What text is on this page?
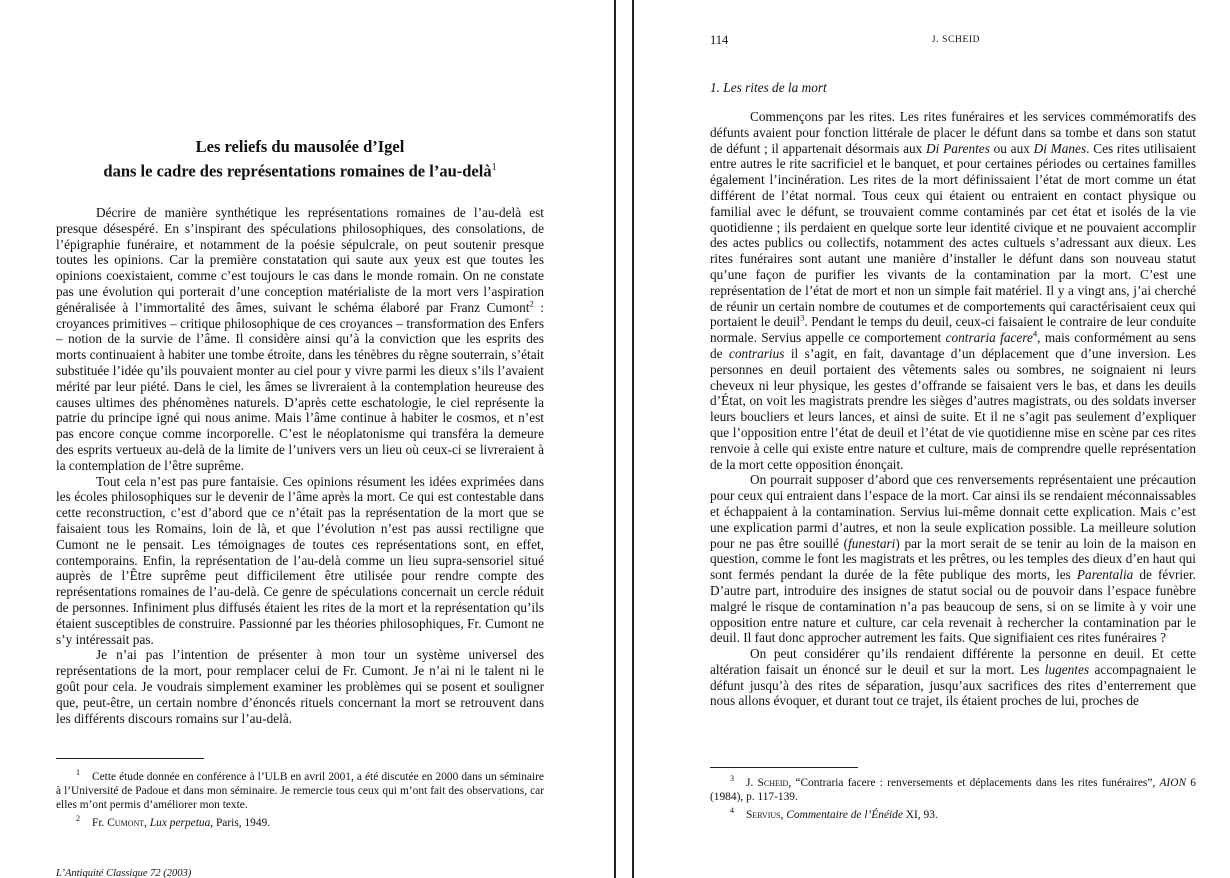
Les reliefs du mausolée d’Igel
dans le cadre des représentations romaines de l’au-delà$^1$

Décrire de manière synthétique les représentations romaines de l’au-delà est presque désespéré. En s’inspirant des spéculations philosophiques, des consolations, de l’épigraphie funéraire, et notamment de la poésie sépulcrale, on peut soutenir presque toutes les opinions. Car la première constatation qui saute aux yeux est que toutes les opinions coexistaient, comme c’est toujours le cas dans le monde romain. On ne constate pas une évolution qui porterait d’une conception matérialiste de la mort vers l’aspiration généralisée à l’immortalité des âmes, suivant le schéma élaboré par Franz Cumont$^2$ : croyances primitives – critique philosophique de ces croyances – transformation des Enfers – notion de la survie de l’âme. Il considère ainsi qu’à la conviction que les esprits des morts continuaient à habiter une tombe étroite, dans les ténèbres du règne souterrain, s’était substituée l’idée qu’ils pouvaient monter au ciel pour y vivre parmi les dieux s’ils l’avaient mérité par leur piété. Dans le ciel, les âmes se livreraient à la contemplation heureuse des causes ultimes des phénomènes naturels. D’après cette eschatologie, le ciel représente la patrie du principe igné qui nous anime. Mais l’âme continue à habiter le cosmos, et n’est pas encore conçue comme incorporelle. C’est le néoplatonisme qui transféra la demeure des esprits vertueux au-delà de la limite de l’univers vers un lieu où ceux-ci se livreraient à la contemplation de l’être suprême.

Tout cela n’est pas pure fantaisie. Ces opinions résument les idées exprimées dans les écoles philosophiques sur le devenir de l’âme après la mort. Ce qui est contestable dans cette reconstruction, c’est d’abord que ce n’était pas la représentation de la mort que se faisaient tous les Romains, loin de là, et que l’évolution n’est pas aussi rectiligne que Cumont ne le pensait. Les témoignages de toutes ces représentations sont, en effet, contemporains. Enfin, la représentation de l’au-delà comme un lieu supra-sensoriel situé auprès de l’Être suprême peut difficilement être utilisée pour rendre compte des représentations romaines de l’au-delà. Ce genre de spéculations concernait un cercle réduit de personnes. Infiniment plus diffusés étaient les rites de la mort et la représentation qu’ils étaient susceptibles de construire. Passionné par les théories philosophiques, Fr. Cumont ne s’y intéressait pas.

Je n’ai pas l’intention de présenter à mon tour un système universel des représentations de la mort, pour remplacer celui de Fr. Cumont. Je n’ai ni le talent ni le goût pour cela. Je voudrais simplement examiner les problèmes qui se posent et souligner que, peut-être, un certain nombre d’énoncés rituels concernant la mort se retrouvent dans les différents discours romains sur l’au-delà.

$^1$ Cette étude donnée en conférence à l’ULB en avril 2001, a été discutée en 2000 dans un séminaire à l’Université de Padoue et dans mon séminaire. Je remercie tous ceux qui m’ont fait des observations, car elles m’ont permis d’améliorer mon texte.

$^2$ Fr. Cumont, Lux perpetua, Paris, 1949.

L’Antiquité Classique 72 (2003)
114	J. SCHEID
1. Les rites de la mort

Commençons par les rites. Les rites funéraires et les services commémoratifs des défunts avaient pour fonction littérale de placer le défunt dans sa tombe et dans son statut de défunt ; il appartenait désormais aux Di Parentes ou aux Di Manes. Ces rites utilisaient entre autres le rite sacrificiel et le banquet, et pour certaines périodes ou certaines familles également l’incinération. Les rites de la mort définissaient l’état de mort comme un état différent de l’état normal. Tous ceux qui étaient ou entraient en contact physique ou familial avec le défunt, se trouvaient comme contaminés par cet état et isolés de la vie quotidienne ; ils perdaient en quelque sorte leur identité civique et ne pouvaient accomplir des actes publics ou collectifs, notamment des actes cultuels s’adressant aux dieux. Les rites funéraires sont autant une manière d’installer le défunt dans son nouveau statut qu’une façon de purifier les vivants de la contamination par la mort. C’est une représentation de l’état de mort et non un simple fait matériel. Il y a vingt ans, j’ai cherché de réunir un certain nombre de coutumes et de comportements qui caractérisaient ceux qui portaient le deuil$^3$. Pendant le temps du deuil, ceux-ci faisaient le contraire de leur conduite normale. Servius appelle ce comportement contraria facere$^4$, mais conformément au sens de contrarius il s’agit, en fait, davantage d’un déplacement que d’une inversion. Les personnes en deuil portaient des vêtements sales ou sombres, ne soignaient ni leurs cheveux ni leur physique, les gestes d’offrande se faisaient vers le bas, et dans les deuils d’État, on voit les magistrats prendre les sièges d’autres magistrats, ou des soldats inverser leurs boucliers et leurs lances, et ainsi de suite. Et il ne s’agit pas seulement d’expliquer que l’opposition entre l’état de deuil et l’état de vie quotidienne mise en scène par ces rites renvoie à celle qui existe entre nature et culture, mais de comprendre quelle représentation de la mort cette opposition énonçait.

On pourrait supposer d’abord que ces renversements représentaient une précaution pour ceux qui entraient dans l’espace de la mort. Car ainsi ils se rendaient méconnaissables et échappaient à la contamination. Servius lui-même donnait cette explication. Mais c’est une explication parmi d’autres, et non la seule explication possible. La meilleure solution pour ne pas être souillé (funestari) par la mort serait de se tenir au loin de la maison en question, comme le font les magistrats et les prêtres, ou les temples des dieux d’en haut qui sont fermés pendant la durée de la fête publique des morts, les Parentalia de février. D’autre part, introduire des insignes de statut social ou de pouvoir dans l’espace funèbre malgré le risque de contamination n’a pas beaucoup de sens, si on se limite à y voir une opposition entre nature et culture, car cela revenait à rechercher la contamination par le deuil. Il faut donc approcher autrement les faits. Que signifiaient ces rites funéraires ?

On peut considérer qu’ils rendaient différente la personne en deuil. Et cette altération faisait un énoncé sur le deuil et sur la mort. Les lugentes accompagnaient le défunt jusqu’à des rites de séparation, jusqu’aux sacrifices des rites d’enterrement que nous allons évoquer, et durant tout ce trajet, ils étaient proches de lui, proches de

$^3$ J. Scheid, “Contraria facere : renversements et déplacements dans les rites funéraires”, AION 6 (1984), p. 117-139.

$^4$ Servius, Commentaire de l’Énéide XI, 93.
